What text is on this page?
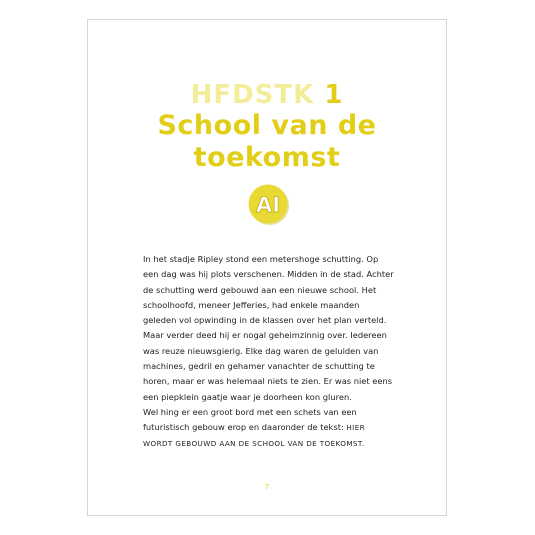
HFDSTK 1
School van de toekomst
AI

In het stadje Ripley stond een metershoge schutting. Op een dag was hij plots verschenen. Midden in de stad. Achter de schutting werd gebouwd aan een nieuwe school. Het schoolhoofd, meneer Jefferies, had enkele maanden geleden vol opwinding in de klassen over het plan verteld. Maar verder deed hij er nogal geheimzinnig over. Iedereen was reuze nieuwsgierig. Elke dag waren de geluiden van machines, gedril en gehamer vanachter de schutting te horen, maar er was helemaal niets te zien. Er was niet eens een piepklein gaatje waar je doorheen kon gluren.

Wel hing er een groot bord met een schets van een futuristisch gebouw erop en daaronder de tekst: HIER WORDT GEBOUWD AAN DE SCHOOL VAN DE TOEKOMST.

7
